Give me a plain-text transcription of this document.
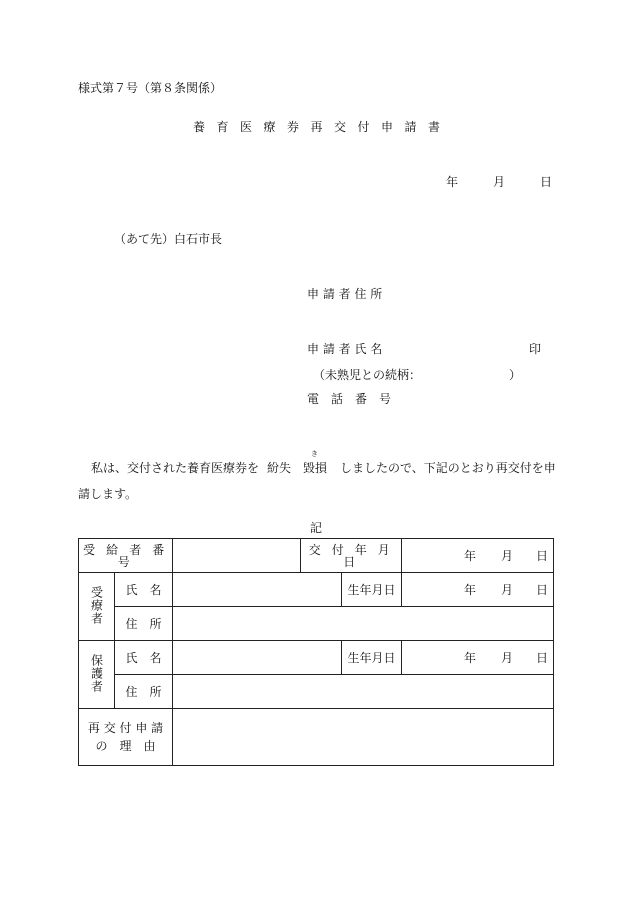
様式第７号（第８条関係）
養 育 医 療 券 再 交 付 申 請 書
年	月	日
（あて先）白石市長
申 請 者 住 所
申 請 者 氏 名	印
（未熟児との続柄：	）
電　話　番　号
私は、交付された養育医療券を 紛失
き
毀損 しましたので、下記のとおり再交付を申
請します。
記
受 給 者 番 号			交 付 年 月 日		年 月 日

受療者	氏　名			生年月日	年 月 日

	住　所				
保護者	氏　名			生年月日	年 月 日

	住　所				

再 交 付 申 請
の　理　由					
